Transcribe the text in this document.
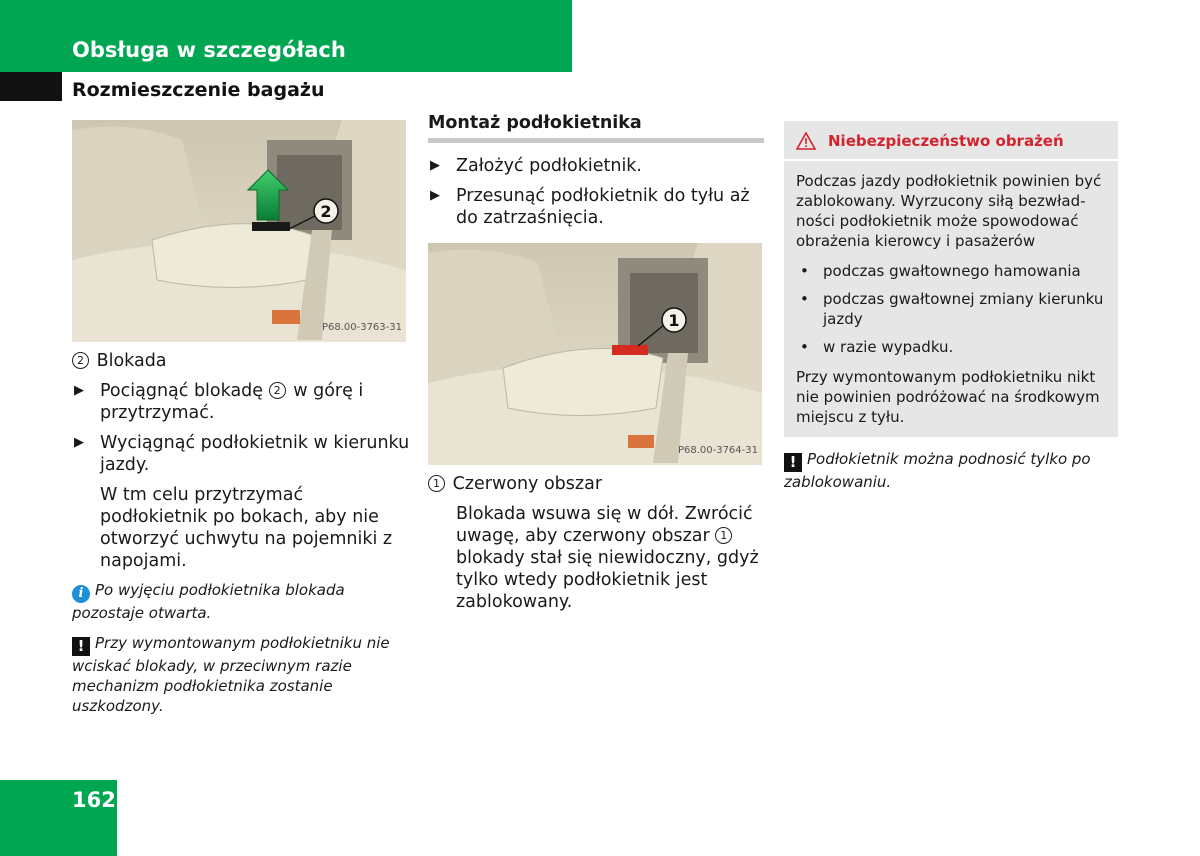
Obsługa w szczegółach
Rozmieszczenie bagażu
2
P68.00-3763-31

2 Blokada

▶ Pociągnąć blokadę 2 w górę i przytrzymać.
▶ Wyciągnąć podłokietnik w kierunku jazdy.

W tm celu przytrzymać podłokietnik po bokach, aby nie otworzyć uchwytu na pojemniki z napojami.

i Po wyjęciu podłokietnika blokada pozostaje otwarta.

! Przy wymontowanym podłokietniku nie wciskać blokady, w przeciwnym razie mechanizm podłokietnika zostanie uszkodzony.

Montaż podłokietnika
▶ Założyć podłokietnik.
▶ Przesunąć podłokietnik do tyłu aż do zatrzaśnięcia.
1
P68.00-3764-31

1 Czerwony obszar

Blokada wsuwa się w dół. Zwrócić uwagę, aby czerwony obszar 1 blokady stał się niewidoczny, gdyż tylko wtedy podłokietnik jest zablokowany.

Niebezpieczeństwo obrażeń

Podczas jazdy podłokietnik powinien być zablokowany. Wyrzucony siłą bezwładności podłokietnik może spowodować obrażenia kierowcy i pasażerów

• podczas gwałtownego hamowania
• podczas gwałtownej zmiany kierunku jazdy
• w razie wypadku.

Przy wymontowanym podłokietniku nikt nie powinien podróżować na środkowym miejscu z tyłu.

! Podłokietnik można podnosić tylko po zablokowaniu.

162
